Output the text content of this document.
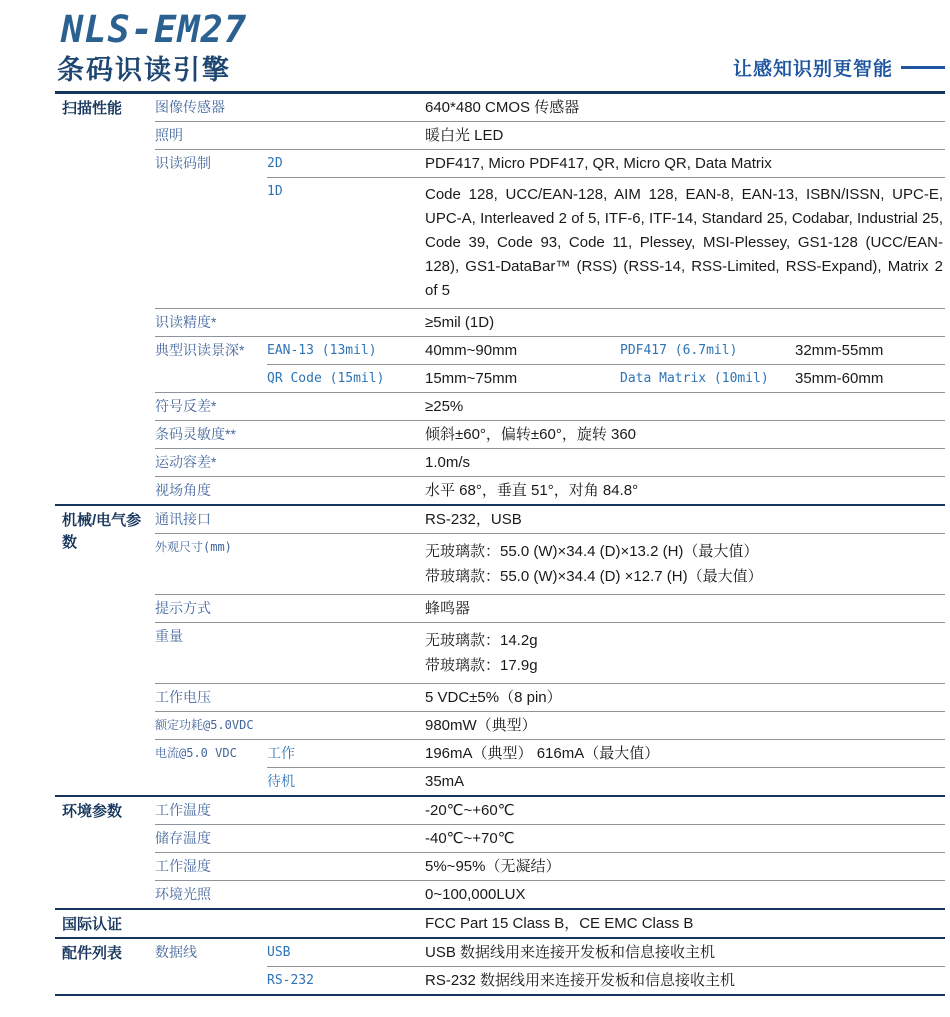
NLS-EM27
条码识读引擎	让感知识别更智能
扫描性能	图像传感器	640*480 CMOS 传感器
照明	暖白光 LED
识读码制	2D	PDF417, Micro PDF417, QR, Micro QR, Data Matrix
1D	Code 128, UCC/EAN-128, AIM 128, EAN-8, EAN-13, ISBN/ISSN, UPC-E, UPC-A, Interleaved 2 of 5, ITF-6, ITF-14, Standard 25, Codabar, Industrial 25, Code 39, Code 93, Code 11, Plessey, MSI-Plessey, GS1-128 (UCC/EAN-128), GS1-DataBar™ (RSS) (RSS-14, RSS-Limited, RSS-Expand), Matrix 2 of 5
识读精度*	≥5mil (1D)
典型识读景深*	EAN-13 (13mil)	40mm~90mm	PDF417 (6.7mil)	32mm-55mm
QR Code (15mil)	15mm~75mm	Data Matrix (10mil)	35mm-60mm
符号反差*	≥25%
条码灵敏度**	倾斜±60°，偏转±60°，旋转 360
运动容差*	1.0m/s
视场角度	水平 68°，垂直 51°，对角 84.8°
机械/电气参数
通讯接口	RS-232，USB
外观尺寸(mm)	无玻璃款：55.0 (W)×34.4 (D)×13.2 (H)（最大值）
带玻璃款：55.0 (W)×34.4 (D) ×12.7 (H)（最大值）
提示方式	蜂鸣器
重量	无玻璃款：14.2g
带玻璃款：17.9g
工作电压	5 VDC±5%（8 pin）
额定功耗@5.0VDC	980mW（典型）
电流@5.0 VDC	工作	196mA（典型） 616mA（最大值）
待机	35mA
环境参数	工作温度	-20℃~+60℃
储存温度	-40℃~+70℃
工作湿度	5%~95%（无凝结）
环境光照	0~100,000LUX
国际认证	FCC Part 15 Class B，CE EMC Class B
配件列表	数据线	USB	USB 数据线用来连接开发板和信息接收主机
RS-232	RS-232 数据线用来连接开发板和信息接收主机
